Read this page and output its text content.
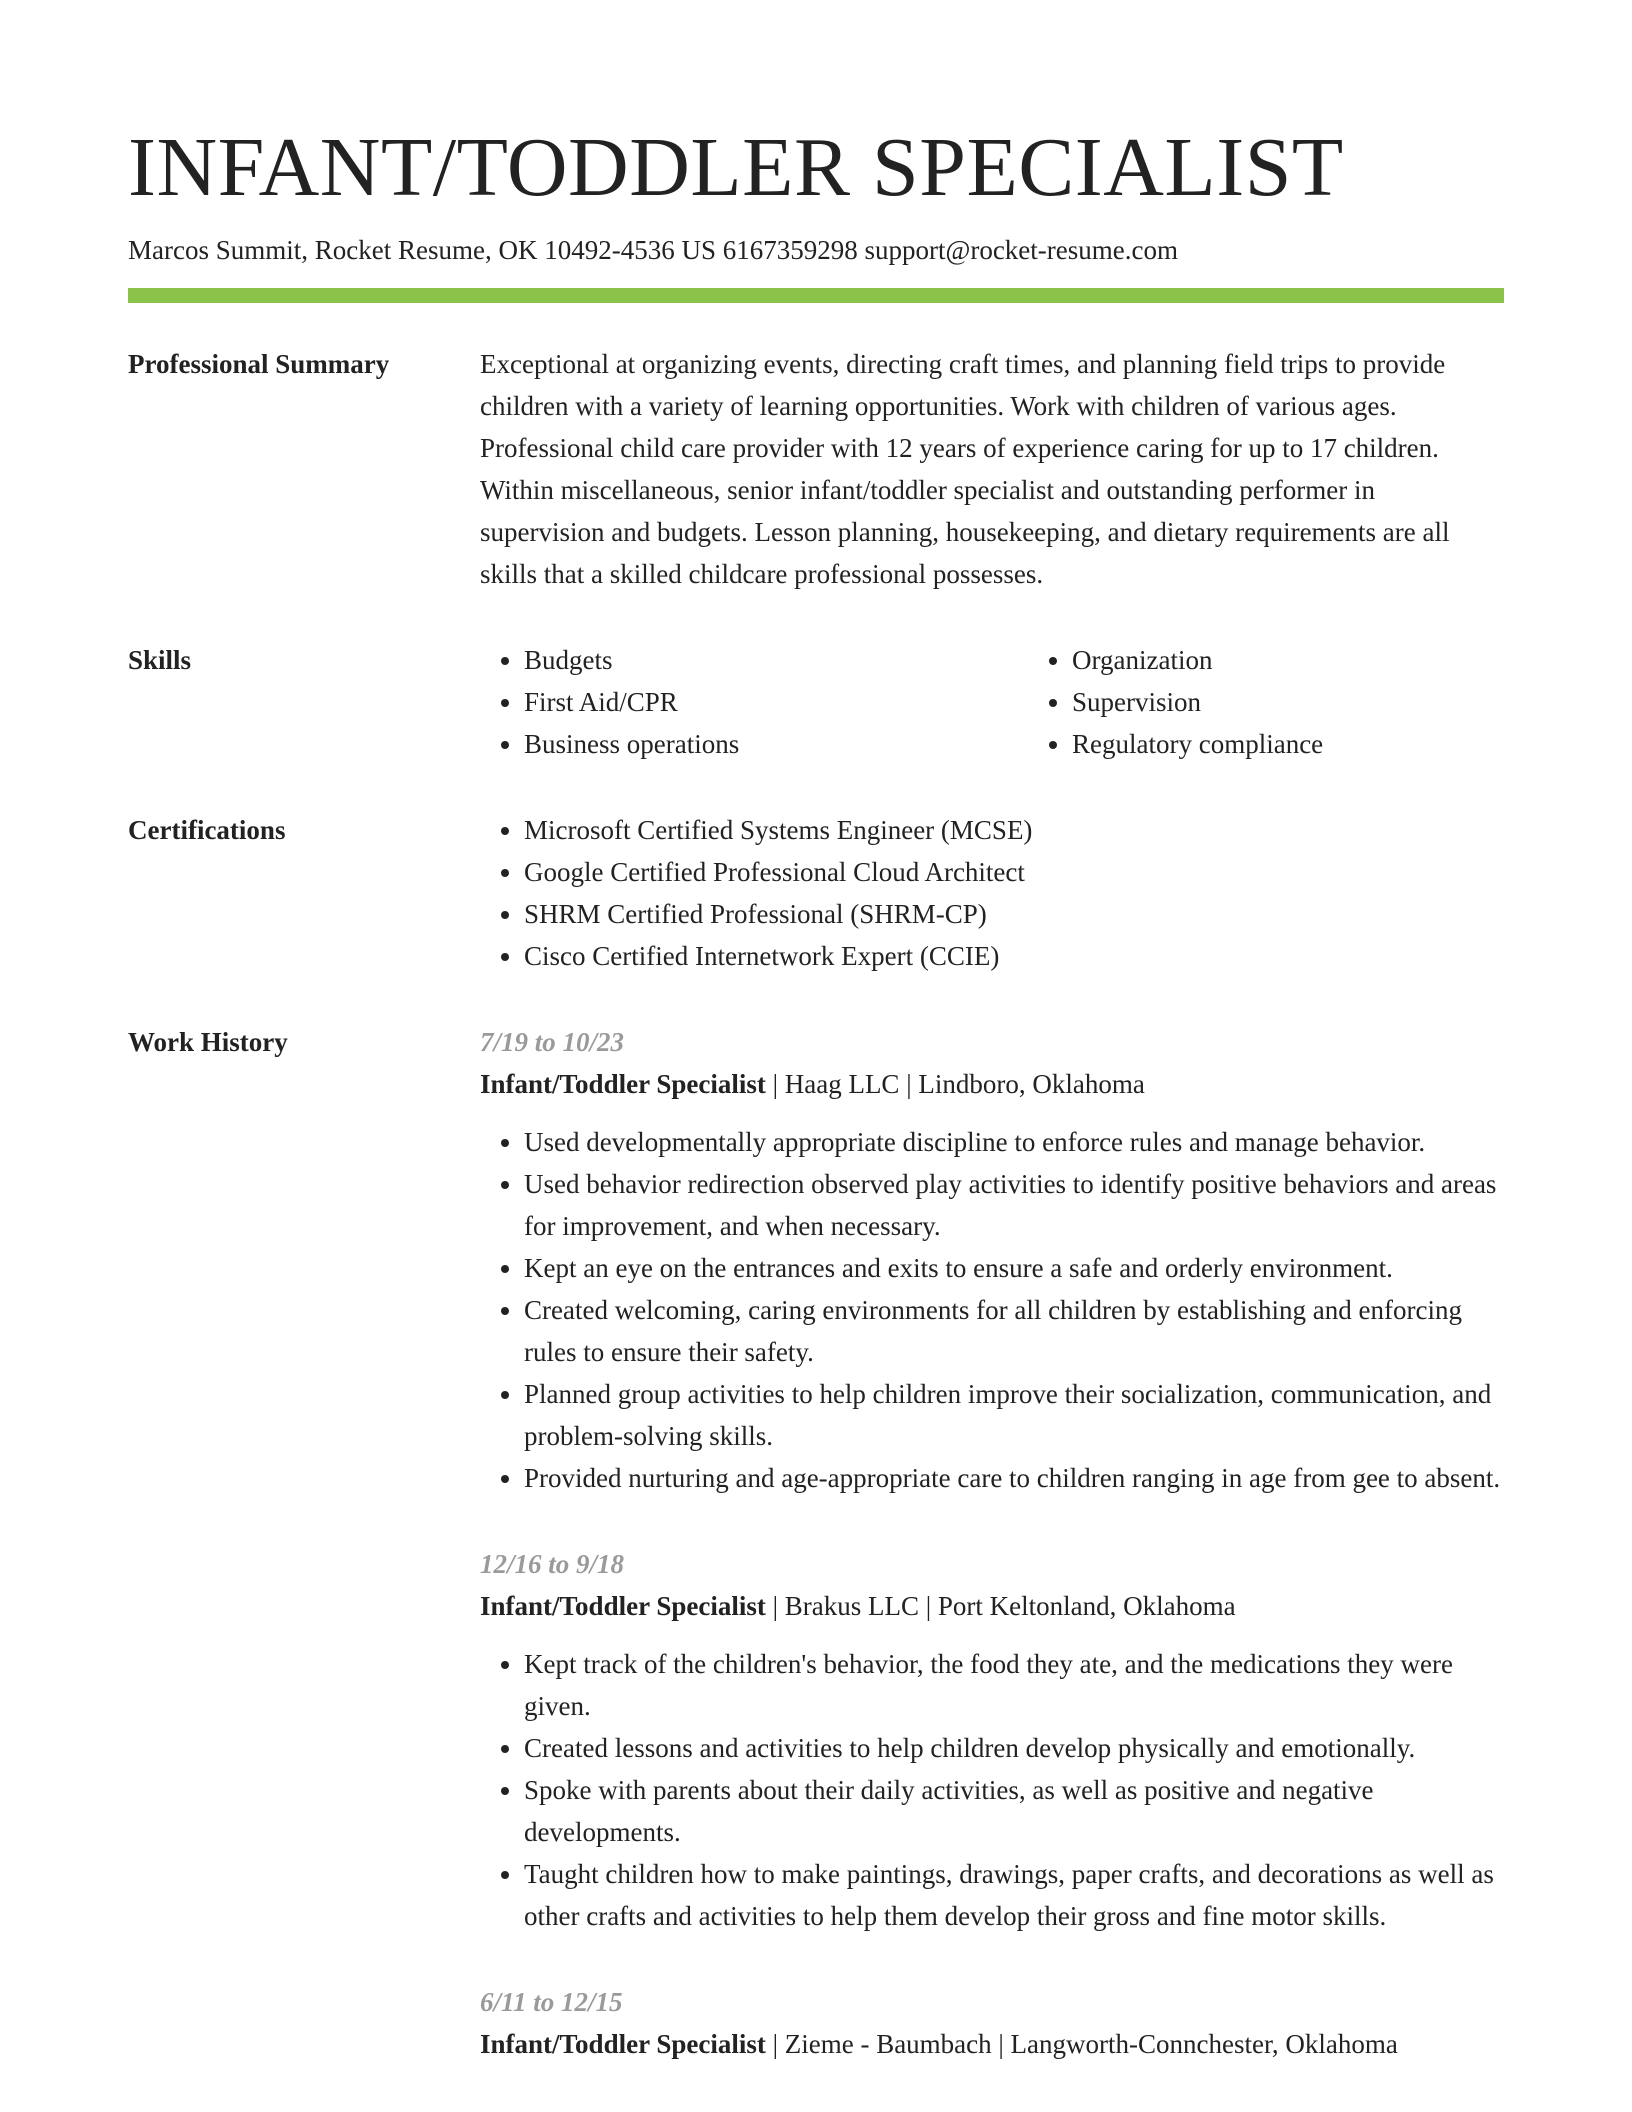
INFANT/TODDLER SPECIALIST
Marcos Summit, Rocket Resume, OK 10492-4536 US 6167359298 support@rocket-resume.com
Professional Summary	Exceptional at organizing events, directing craft times, and planning field trips to provide children with a variety of learning opportunities. Work with children of various ages. Professional child care provider with 12 years of experience caring for up to 17 children. Within miscellaneous, senior infant/toddler specialist and outstanding performer in supervision and budgets. Lesson planning, housekeeping, and dietary requirements are all skills that a skilled childcare professional possesses.

Skills	• Budgets
• First Aid/CPR
• Business operations
• Organization
• Supervision
• Regulatory compliance
Certifications	• Microsoft Certified Systems Engineer (MCSE)
• Google Certified Professional Cloud Architect
• SHRM Certified Professional (SHRM-CP)
• Cisco Certified Internetwork Expert (CCIE)
Work History	7/19 to 10/23
Infant/Toddler Specialist | Haag LLC | Lindboro, Oklahoma
• Used developmentally appropriate discipline to enforce rules and manage behavior.
• Used behavior redirection observed play activities to identify positive behaviors and areas for improvement, and when necessary.
• Kept an eye on the entrances and exits to ensure a safe and orderly environment.
• Created welcoming, caring environments for all children by establishing and enforcing rules to ensure their safety.
• Planned group activities to help children improve their socialization, communication, and problem-solving skills.
• Provided nurturing and age-appropriate care to children ranging in age from gee to absent.
12/16 to 9/18
Infant/Toddler Specialist | Brakus LLC | Port Keltonland, Oklahoma
• Kept track of the children's behavior, the food they ate, and the medications they were given.
• Created lessons and activities to help children develop physically and emotionally.
• Spoke with parents about their daily activities, as well as positive and negative developments.
• Taught children how to make paintings, drawings, paper crafts, and decorations as well as other crafts and activities to help them develop their gross and fine motor skills.
6/11 to 12/15
Infant/Toddler Specialist | Zieme - Baumbach | Langworth-Connchester, Oklahoma
